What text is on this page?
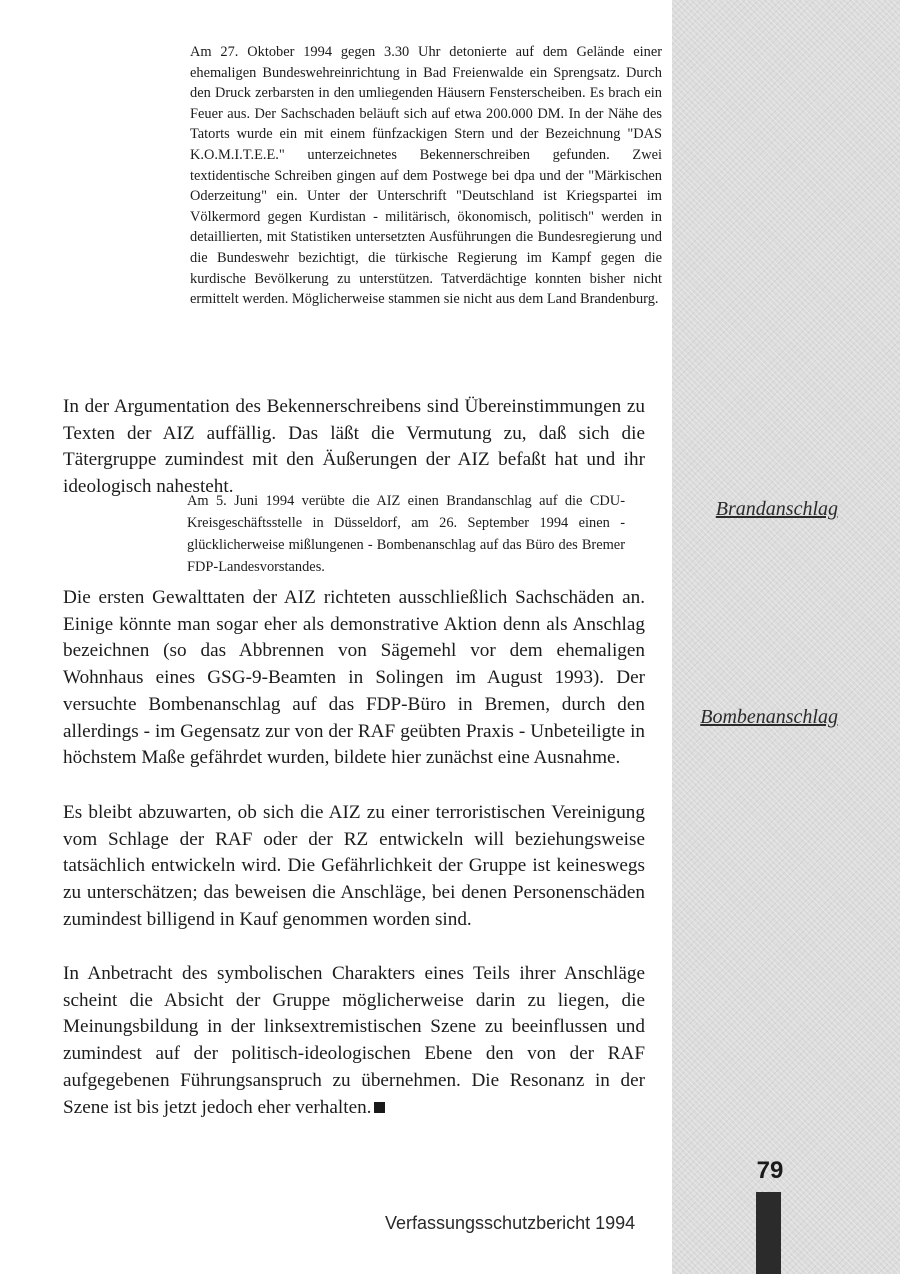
Am 27. Oktober 1994 gegen 3.30 Uhr detonierte auf dem Gelände einer ehemaligen Bundeswehreinrichtung in Bad Freienwalde ein Sprengsatz. Durch den Druck zerbarsten in den umliegenden Häusern Fensterscheiben. Es brach ein Feuer aus. Der Sachschaden beläuft sich auf etwa 200.000 DM. In der Nähe des Tatorts wurde ein mit einem fünfzackigen Stern und der Bezeichnung "DAS K.O.M.I.T.E.E." unterzeichnetes Bekennerschreiben gefunden. Zwei textidentische Schreiben gingen auf dem Postwege bei dpa und der "Märkischen Oderzeitung" ein. Unter der Unterschrift "Deutschland ist Kriegspartei im Völkermord gegen Kurdistan - militärisch, ökonomisch, politisch" werden in detaillierten, mit Statistiken untersetzten Ausführungen die Bundesregierung und die Bundeswehr bezichtigt, die türkische Regierung im Kampf gegen die kurdische Bevölkerung zu unterstützen. Tatverdächtige konnten bisher nicht ermittelt werden. Möglicherweise stammen sie nicht aus dem Land Brandenburg.

In der Argumentation des Bekennerschreibens sind Übereinstimmungen zu Texten der AIZ auffällig. Das läßt die Vermutung zu, daß sich die Tätergruppe zumindest mit den Äußerungen der AIZ befaßt hat und ihr ideologisch nahesteht.

Am 5. Juni 1994 verübte die AIZ einen Brandanschlag auf die CDU-Kreisgeschäftsstelle in Düsseldorf, am 26. September 1994 einen - glücklicherweise mißlungenen - Bombenanschlag auf das Büro des Bremer FDP-Landesvorstandes.
Brandanschlag

Die ersten Gewalttaten der AIZ richteten ausschließlich Sachschäden an. Einige könnte man sogar eher als demonstrative Aktion denn als Anschlag bezeichnen (so das Abbrennen von Sägemehl vor dem ehemaligen Wohnhaus eines GSG-9-Beamten in Solingen im August 1993). Der versuchte Bombenanschlag auf das FDP-Büro in Bremen, durch den allerdings - im Gegensatz zur von der RAF geübten Praxis - Unbeteiligte in höchstem Maße gefährdet wurden, bildete hier zunächst eine Ausnahme.

Bombenanschlag

Es bleibt abzuwarten, ob sich die AIZ zu einer terroristischen Vereinigung vom Schlage der RAF oder der RZ entwickeln will beziehungsweise tatsächlich entwickeln wird. Die Gefährlichkeit der Gruppe ist keineswegs zu unterschätzen; das beweisen die Anschläge, bei denen Personenschäden zumindest billigend in Kauf genommen worden sind.

In Anbetracht des symbolischen Charakters eines Teils ihrer Anschläge scheint die Absicht der Gruppe möglicherweise darin zu liegen, die Meinungsbildung in der linksextremistischen Szene zu beeinflussen und zumindest auf der politisch-ideologischen Ebene den von der RAF aufgegebenen Führungsanspruch zu übernehmen. Die Resonanz in der Szene ist bis jetzt jedoch eher verhalten.

79
Verfassungsschutzbericht 1994
